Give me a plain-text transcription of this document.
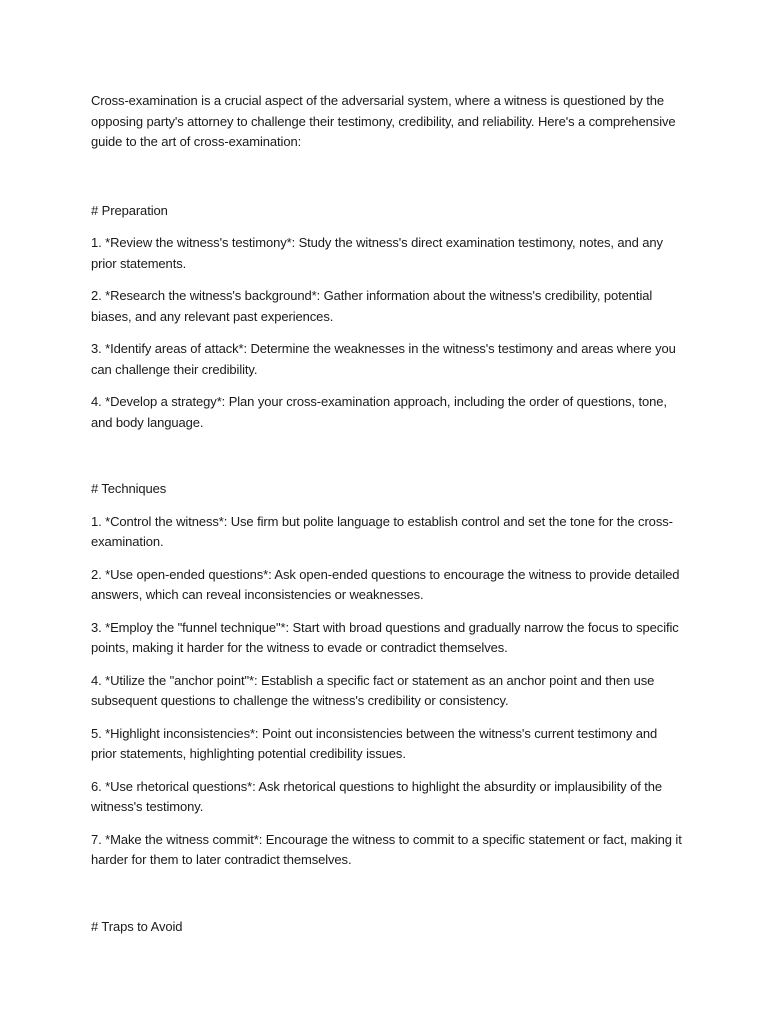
Cross-examination is a crucial aspect of the adversarial system, where a witness is questioned by the opposing party's attorney to challenge their testimony, credibility, and reliability. Here's a comprehensive guide to the art of cross-examination:

# Preparation

1. *Review the witness's testimony*: Study the witness's direct examination testimony, notes, and any prior statements.

2. *Research the witness's background*: Gather information about the witness's credibility, potential biases, and any relevant past experiences.

3. *Identify areas of attack*: Determine the weaknesses in the witness's testimony and areas where you can challenge their credibility.

4. *Develop a strategy*: Plan your cross-examination approach, including the order of questions, tone, and body language.

# Techniques

1. *Control the witness*: Use firm but polite language to establish control and set the tone for the cross-examination.

2. *Use open-ended questions*: Ask open-ended questions to encourage the witness to provide detailed answers, which can reveal inconsistencies or weaknesses.

3. *Employ the "funnel technique"*: Start with broad questions and gradually narrow the focus to specific points, making it harder for the witness to evade or contradict themselves.

4. *Utilize the "anchor point"*: Establish a specific fact or statement as an anchor point and then use subsequent questions to challenge the witness's credibility or consistency.

5. *Highlight inconsistencies*: Point out inconsistencies between the witness's current testimony and prior statements, highlighting potential credibility issues.

6. *Use rhetorical questions*: Ask rhetorical questions to highlight the absurdity or implausibility of the witness's testimony.

7. *Make the witness commit*: Encourage the witness to commit to a specific statement or fact, making it harder for them to later contradict themselves.

# Traps to Avoid
